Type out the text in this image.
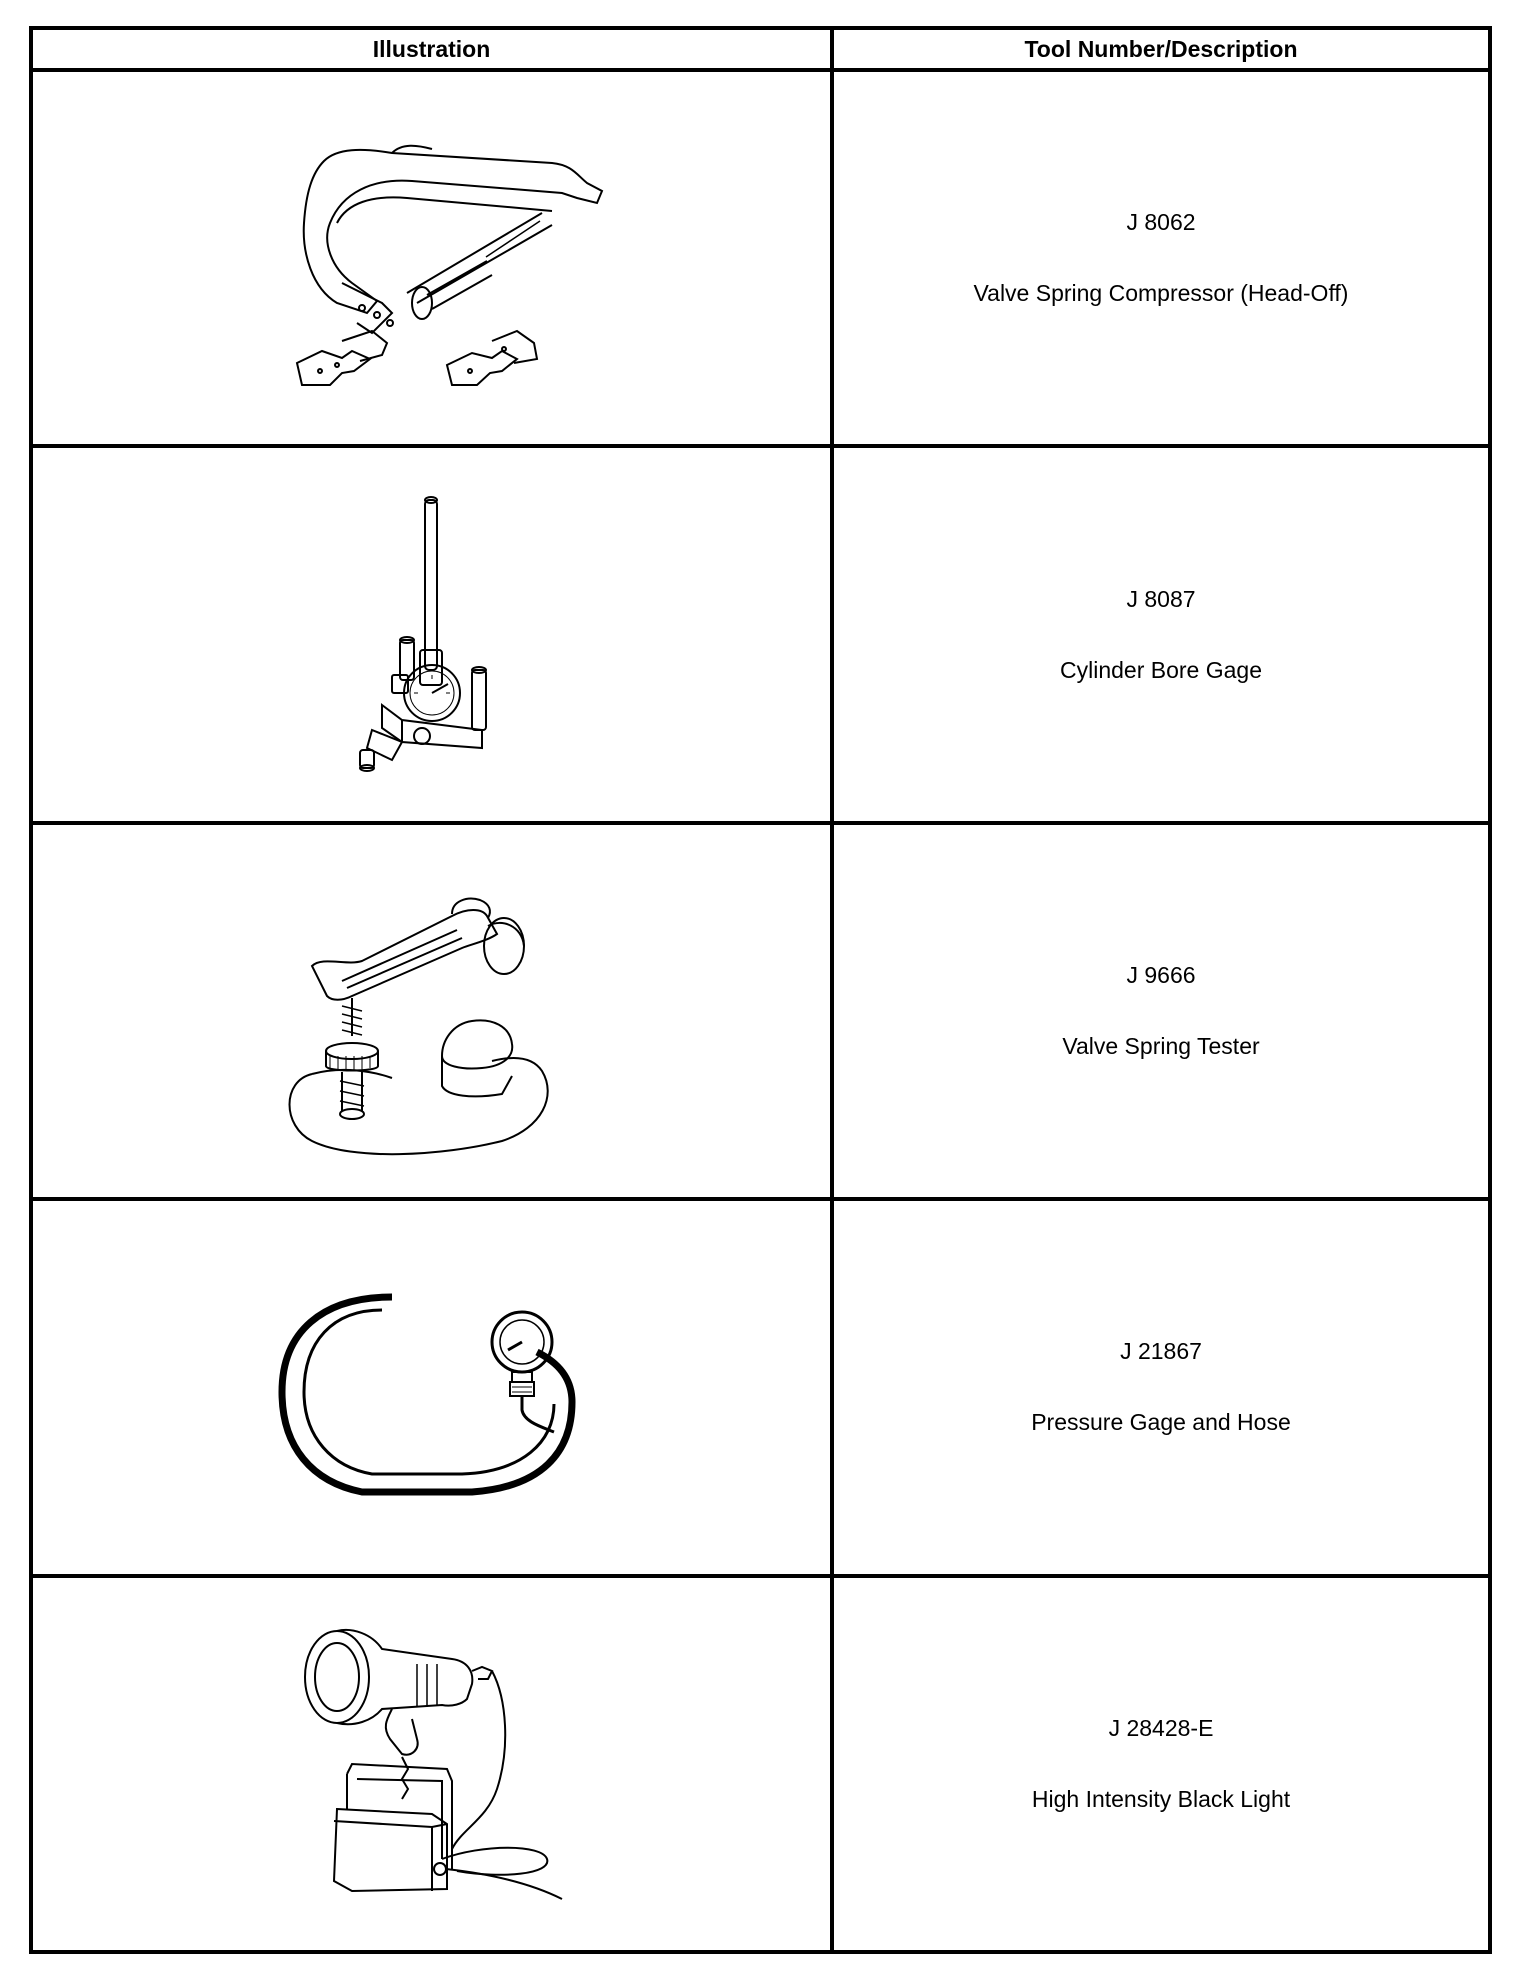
Illustration	Tool Number/Description

J 8062

Valve Spring Compressor (Head-Off)

J 8087

Cylinder Bore Gage

J 9666

Valve Spring Tester

J 21867

Pressure Gage and Hose

J 28428-E

High Intensity Black Light
